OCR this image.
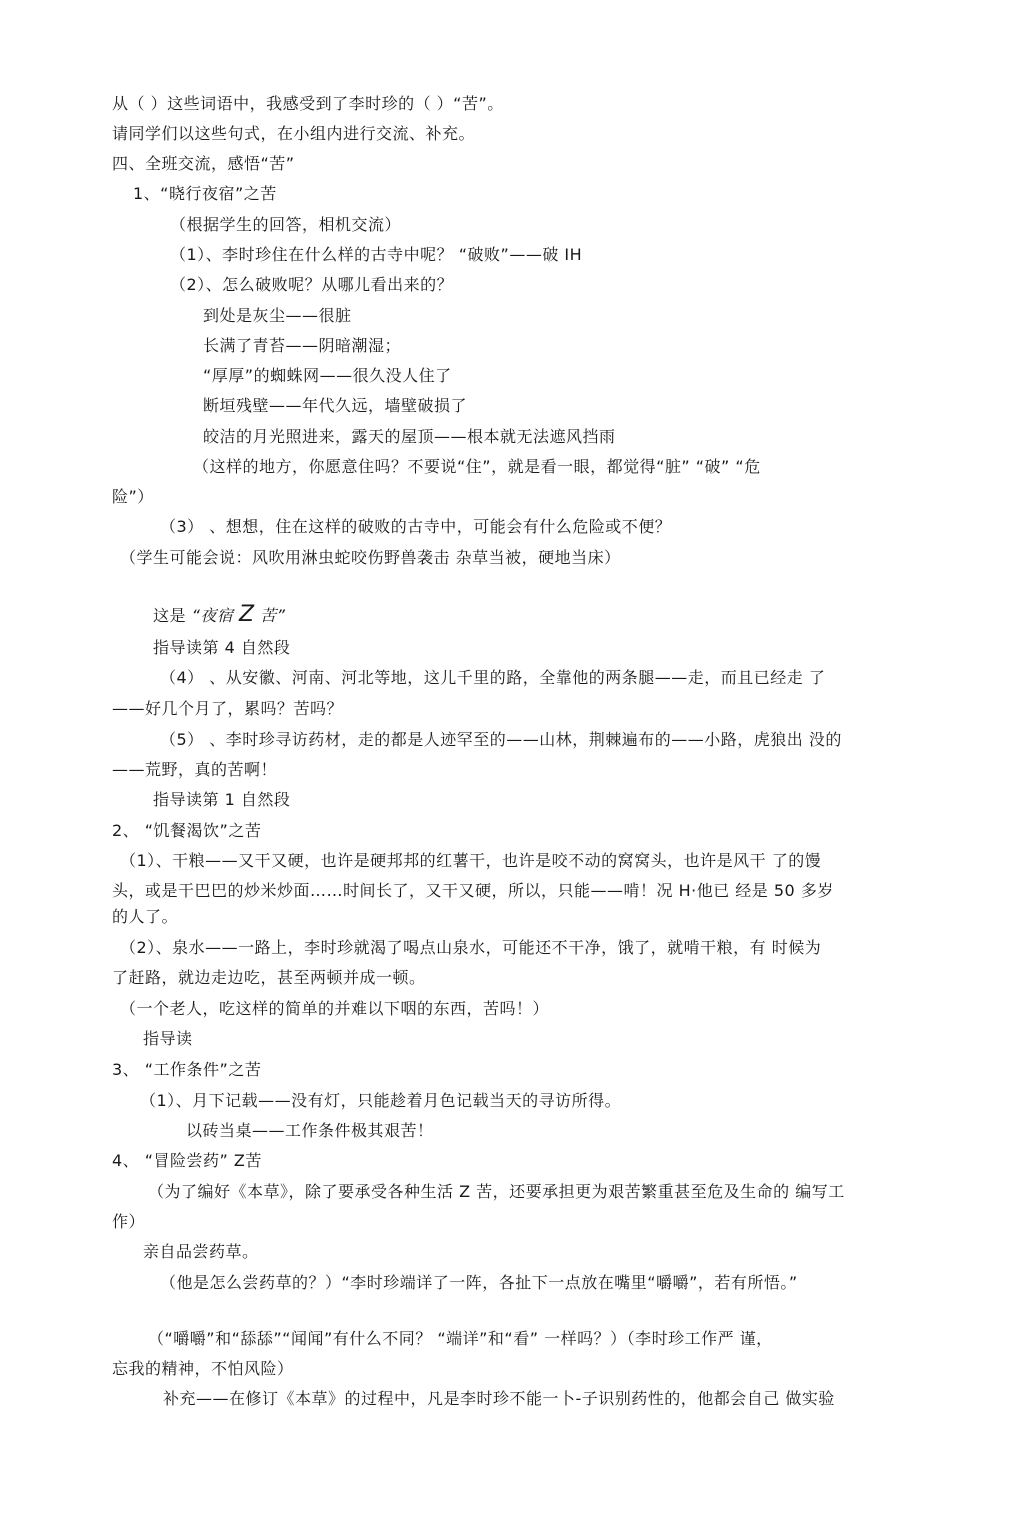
从（ ）这些词语中，我感受到了李时珍的（ ）“苦”。
请同学们以这些句式，在小组内进行交流、补充。
四、全班交流，感悟“苦”
1、“晓行夜宿”之苦
（根据学生的回答，相机交流）
（1）、李时珍住在什么样的古寺中呢？ “破败”——破 IH
（2）、怎么破败呢？从哪儿看出来的？
到处是灰尘——很脏
长满了青苔——阴暗潮湿；
“厚厚”的蜘蛛网——很久没人住了
断垣残壁——年代久远，墙壁破损了
皎洁的月光照进来，露天的屋顶——根本就无法遮风挡雨
（这样的地方，你愿意住吗？不要说“住”，就是看一眼，都觉得“脏” “破” “危
险”）
（3） 、想想，住在这样的破败的古寺中，可能会有什么危险或不便？
（学生可能会说：风吹用淋虫蛇咬伤野兽袭击 杂草当被，硬地当床）
这是 “夜宿 Z 苦”
指导读第 4 自然段
（4） 、从安徽、河南、河北等地，这儿千里的路，全靠他的两条腿——走，而且已经走 了
——好几个月了，累吗？苦吗？
（5） 、李时珍寻访药材，走的都是人迹罕至的——山林，荆棘遍布的——小路，虎狼出 没的
——荒野，真的苦啊！
指导读第 1 自然段
2、 “饥餐渴饮”之苦
（1）、干粮——又干又硬，也许是硬邦邦的红薯干，也许是咬不动的窝窝头，也许是风干 了的馒
头，或是干巴巴的炒米炒面……时间长了，又干又硬，所以，只能——啃！况 H·他已 经是 50 多岁
的人了。
（2）、泉水——一路上，李时珍就渴了喝点山泉水，可能还不干净，饿了，就啃干粮，有 时候为
了赶路，就边走边吃，甚至两顿并成一顿。
（一个老人，吃这样的简单的并难以下咽的东西，苦吗！）
指导读
3、 “工作条件”之苦
（1）、月下记载——没有灯，只能趁着月色记载当天的寻访所得。
以砖当桌——工作条件极其艰苦！
4、 “冒险尝药” Z苦
（为了编好《本草》，除了要承受各种生活 Z 苦，还要承担更为艰苦繁重甚至危及生命的 编写工
作）
亲自品尝药草。
（他是怎么尝药草的？）“李时珍端详了一阵，各扯下一点放在嘴里“嚼嚼”，若有所悟。”
（“嚼嚼”和“舔舔”“闻闻”有什么不同？ “端详”和“看” 一样吗？）（李时珍工作严 谨，
忘我的精神，不怕风险）
补充——在修订《本草》的过程中，凡是李时珍不能一卜-子识别药性的，他都会自己 做实验
